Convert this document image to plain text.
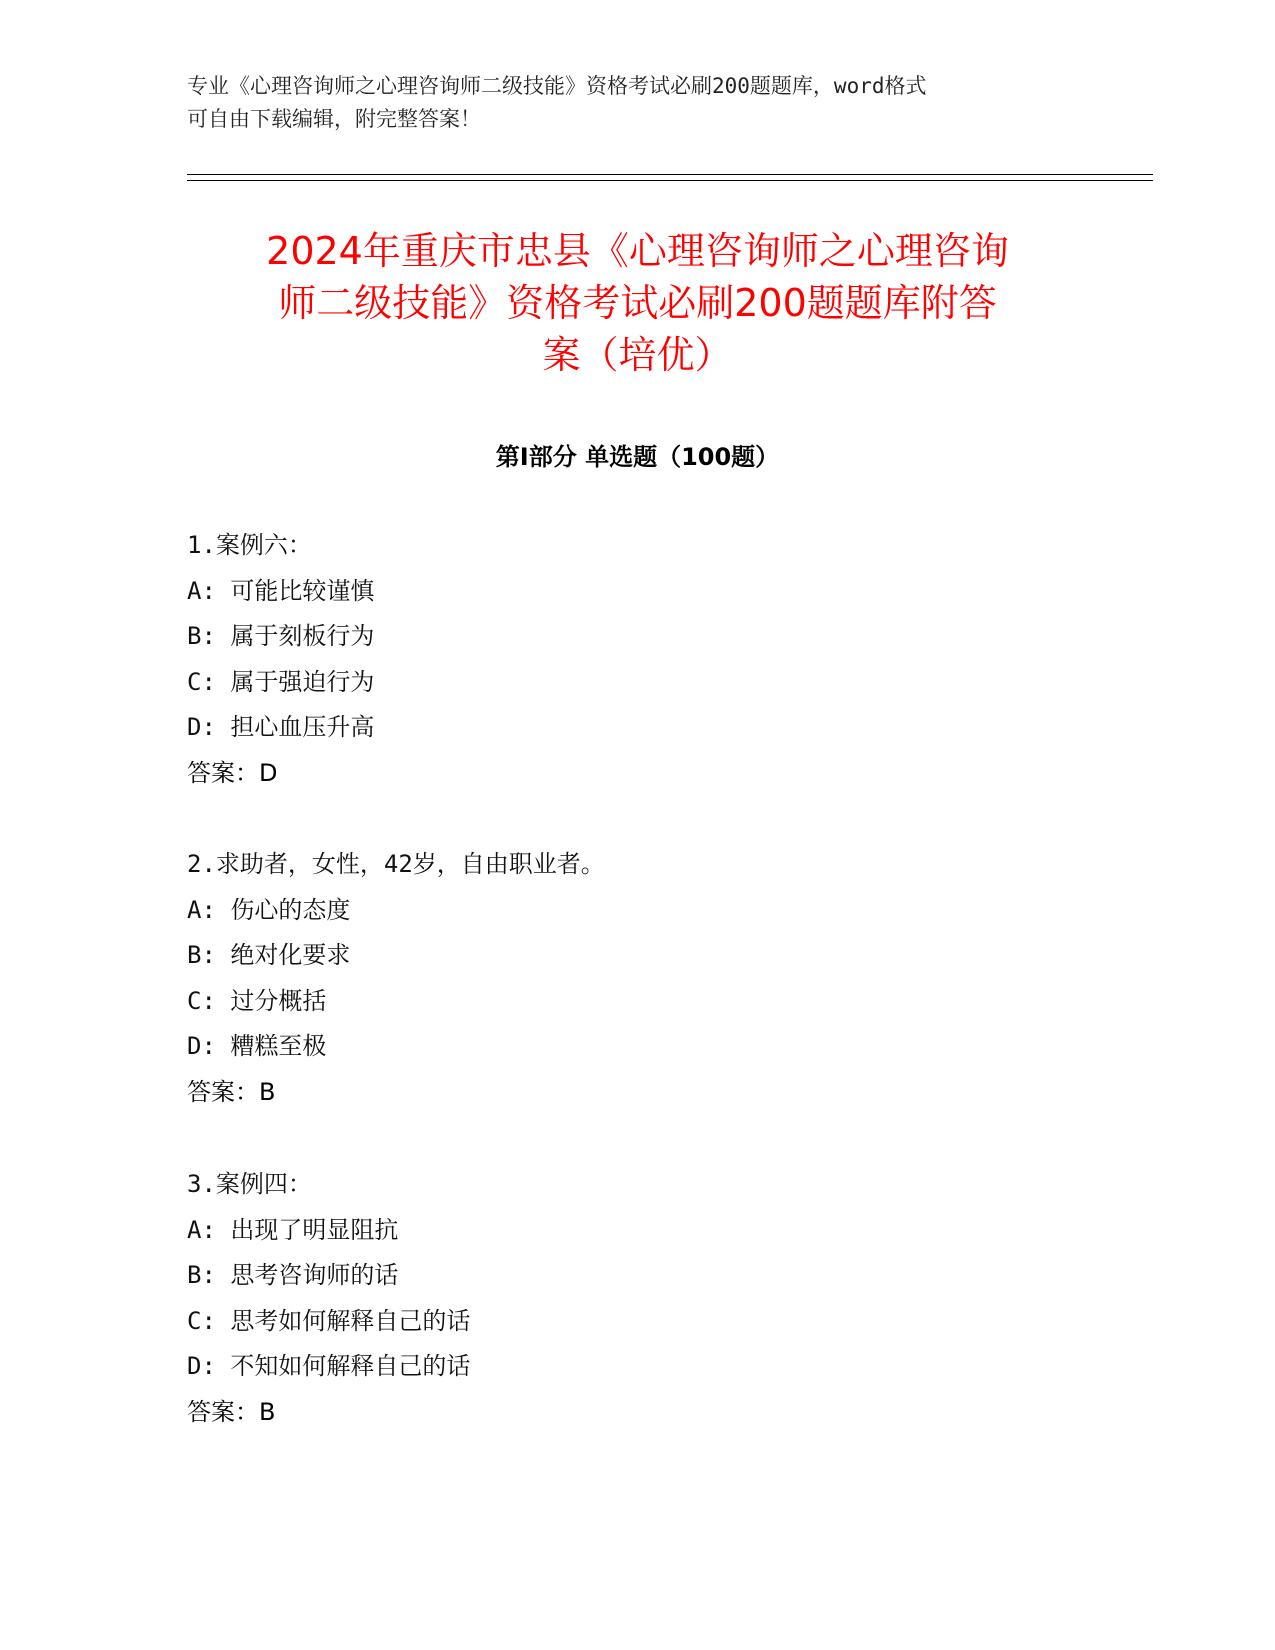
专业《心理咨询师之心理咨询师二级技能》资格考试必刷200题题库，word格式
可自由下载编辑，附完整答案！
2024年重庆市忠县《心理咨询师之心理咨询
师二级技能》资格考试必刷200题题库附答
案（培优）
第I部分 单选题（100题）
1.案例六：
A: 可能比较谨慎
B: 属于刻板行为
C: 属于强迫行为
D: 担心血压升高
答案：D
2.求助者，女性，42岁，自由职业者。
A: 伤心的态度
B: 绝对化要求
C: 过分概括
D: 糟糕至极
答案：B
3.案例四：
A: 出现了明显阻抗
B: 思考咨询师的话
C: 思考如何解释自己的话
D: 不知如何解释自己的话
答案：B
